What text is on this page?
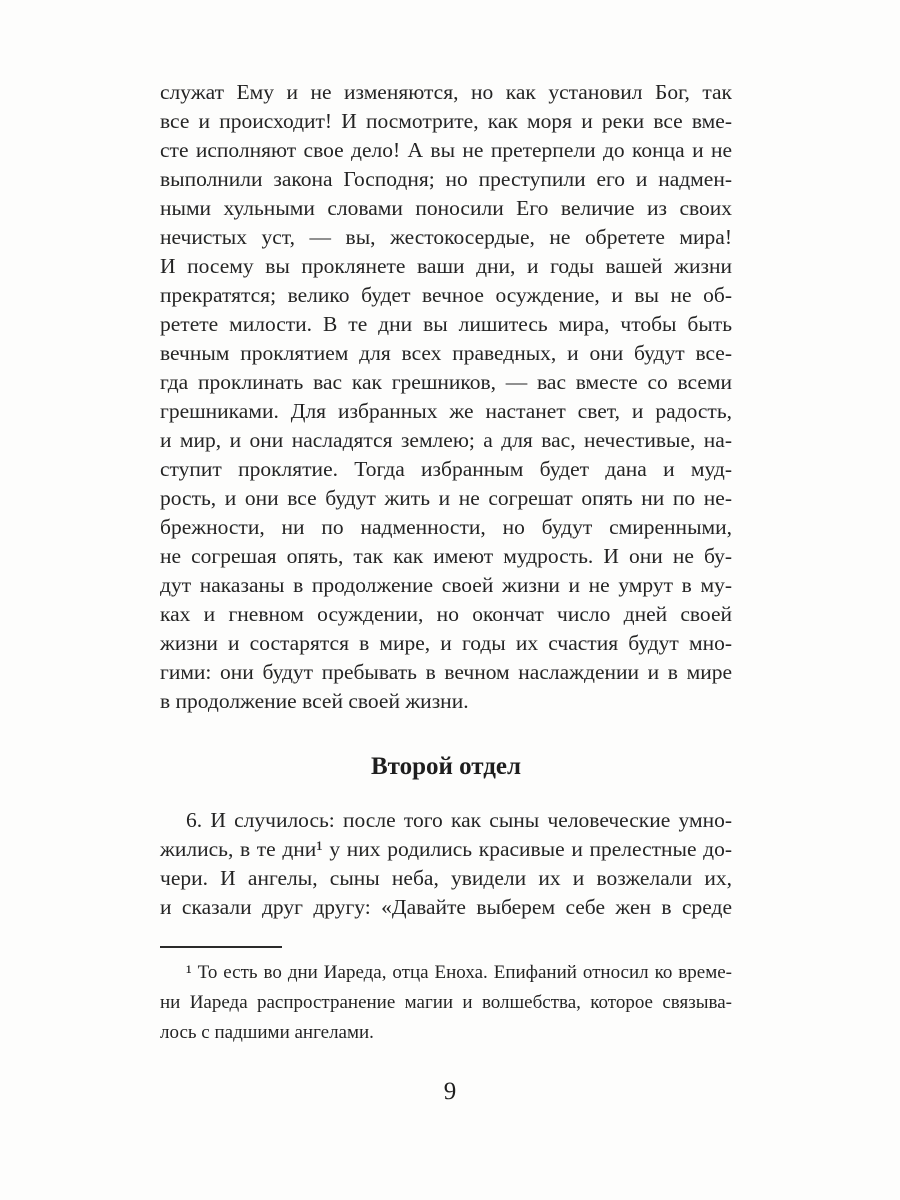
служат Ему и не изменяются, но как установил Бог, так
все и происходит! И посмотрите, как моря и реки все вме-
сте исполняют свое дело! А вы не претерпели до конца и не
выполнили закона Господня; но преступили его и надмен-
ными хульными словами поносили Его величие из своих
нечистых уст, — вы, жестокосердые, не обретете мира!
И посему вы проклянете ваши дни, и годы вашей жизни
прекратятся; велико будет вечное осуждение, и вы не об-
ретете милости. В те дни вы лишитесь мира, чтобы быть
вечным проклятием для всех праведных, и они будут все-
гда проклинать вас как грешников, — вас вместе со всеми
грешниками. Для избранных же настанет свет, и радость,
и мир, и они насладятся землею; а для вас, нечестивые, на-
ступит проклятие. Тогда избранным будет дана и муд-
рость, и они все будут жить и не согрешат опять ни по не-
брежности, ни по надменности, но будут смиренными,
не согрешая опять, так как имеют мудрость. И они не бу-
дут наказаны в продолжение своей жизни и не умрут в му-
ках и гневном осуждении, но окончат число дней своей
жизни и состарятся в мире, и годы их счастия будут мно-
гими: они будут пребывать в вечном наслаждении и в мире
в продолжение всей своей жизни.
Второй отдел
6. И случилось: после того как сыны человеческие умно-
жились, в те дни¹ у них родились красивые и прелестные до-
чери. И ангелы, сыны неба, увидели их и возжелали их,
и сказали друг другу: «Давайте выберем себе жен в среде
¹ То есть во дни Иареда, отца Еноха. Епифаний относил ко време-
ни Иареда распространение магии и волшебства, которое связыва-
лось с падшими ангелами.
9
